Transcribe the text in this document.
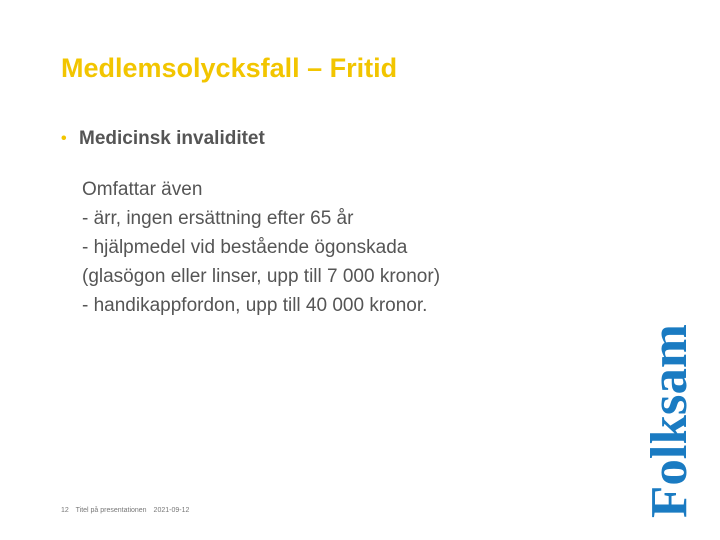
Medlemsolycksfall – Fritid
• Medicinsk invaliditet
Omfattar även
- ärr, ingen ersättning efter 65 år
- hjälpmedel vid bestående ögonskada
(glasögon eller linser, upp till 7 000 kronor)
- handikappfordon, upp till 40 000 kronor.
Folksam
12 Titel på presentationen 2021-09-12
